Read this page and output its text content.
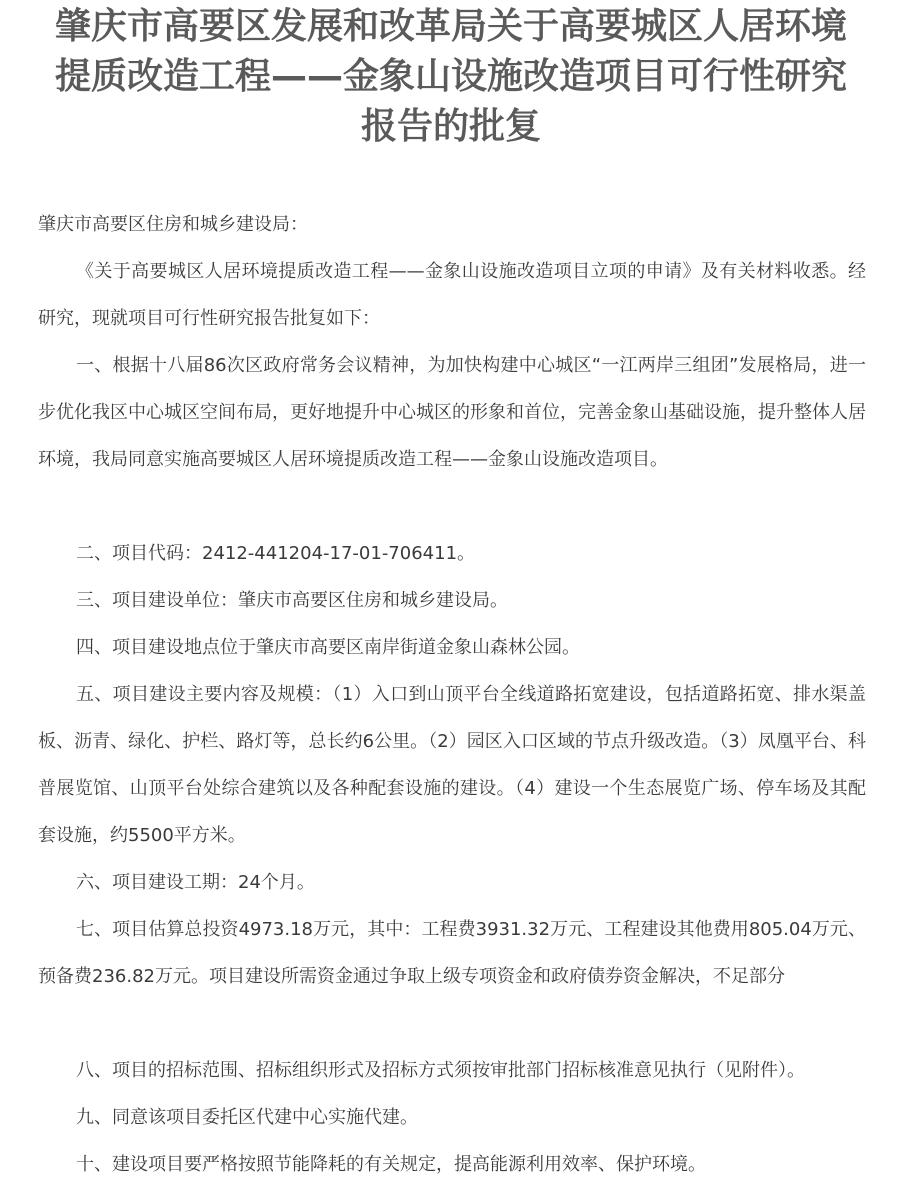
肇庆市高要区发展和改革局关于高要城区人居环境提质改造工程——金象山设施改造项目可行性研究报告的批复

肇庆市高要区住房和城乡建设局：

《关于高要城区人居环境提质改造工程——金象山设施改造项目立项的申请》及有关材料收悉。经研究，现就项目可行性研究报告批复如下：

一、根据十八届86次区政府常务会议精神，为加快构建中心城区“一江两岸三组团”发展格局，进一步优化我区中心城区空间布局，更好地提升中心城区的形象和首位，完善金象山基础设施，提升整体人居环境，我局同意实施高要城区人居环境提质改造工程——金象山设施改造项目。

二、项目代码：2412-441204-17-01-706411。

三、项目建设单位：肇庆市高要区住房和城乡建设局。

四、项目建设地点位于肇庆市高要区南岸街道金象山森林公园。

五、项目建设主要内容及规模：（1）入口到山顶平台全线道路拓宽建设，包括道路拓宽、排水渠盖板、沥青、绿化、护栏、路灯等，总长约6公里。（2）园区入口区域的节点升级改造。（3）凤凰平台、科普展览馆、山顶平台处综合建筑以及各种配套设施的建设。（4）建设一个生态展览广场、停车场及其配套设施，约5500平方米。

六、项目建设工期：24个月。

七、项目估算总投资4973.18万元，其中：工程费3931.32万元、工程建设其他费用805.04万元、预备费236.82万元。项目建设所需资金通过争取上级专项资金和政府债券资金解决，不足部分

八、项目的招标范围、招标组织形式及招标方式须按审批部门招标核准意见执行（见附件）。

九、同意该项目委托区代建中心实施代建。

十、建设项目要严格按照节能降耗的有关规定，提高能源利用效率、保护环境。
